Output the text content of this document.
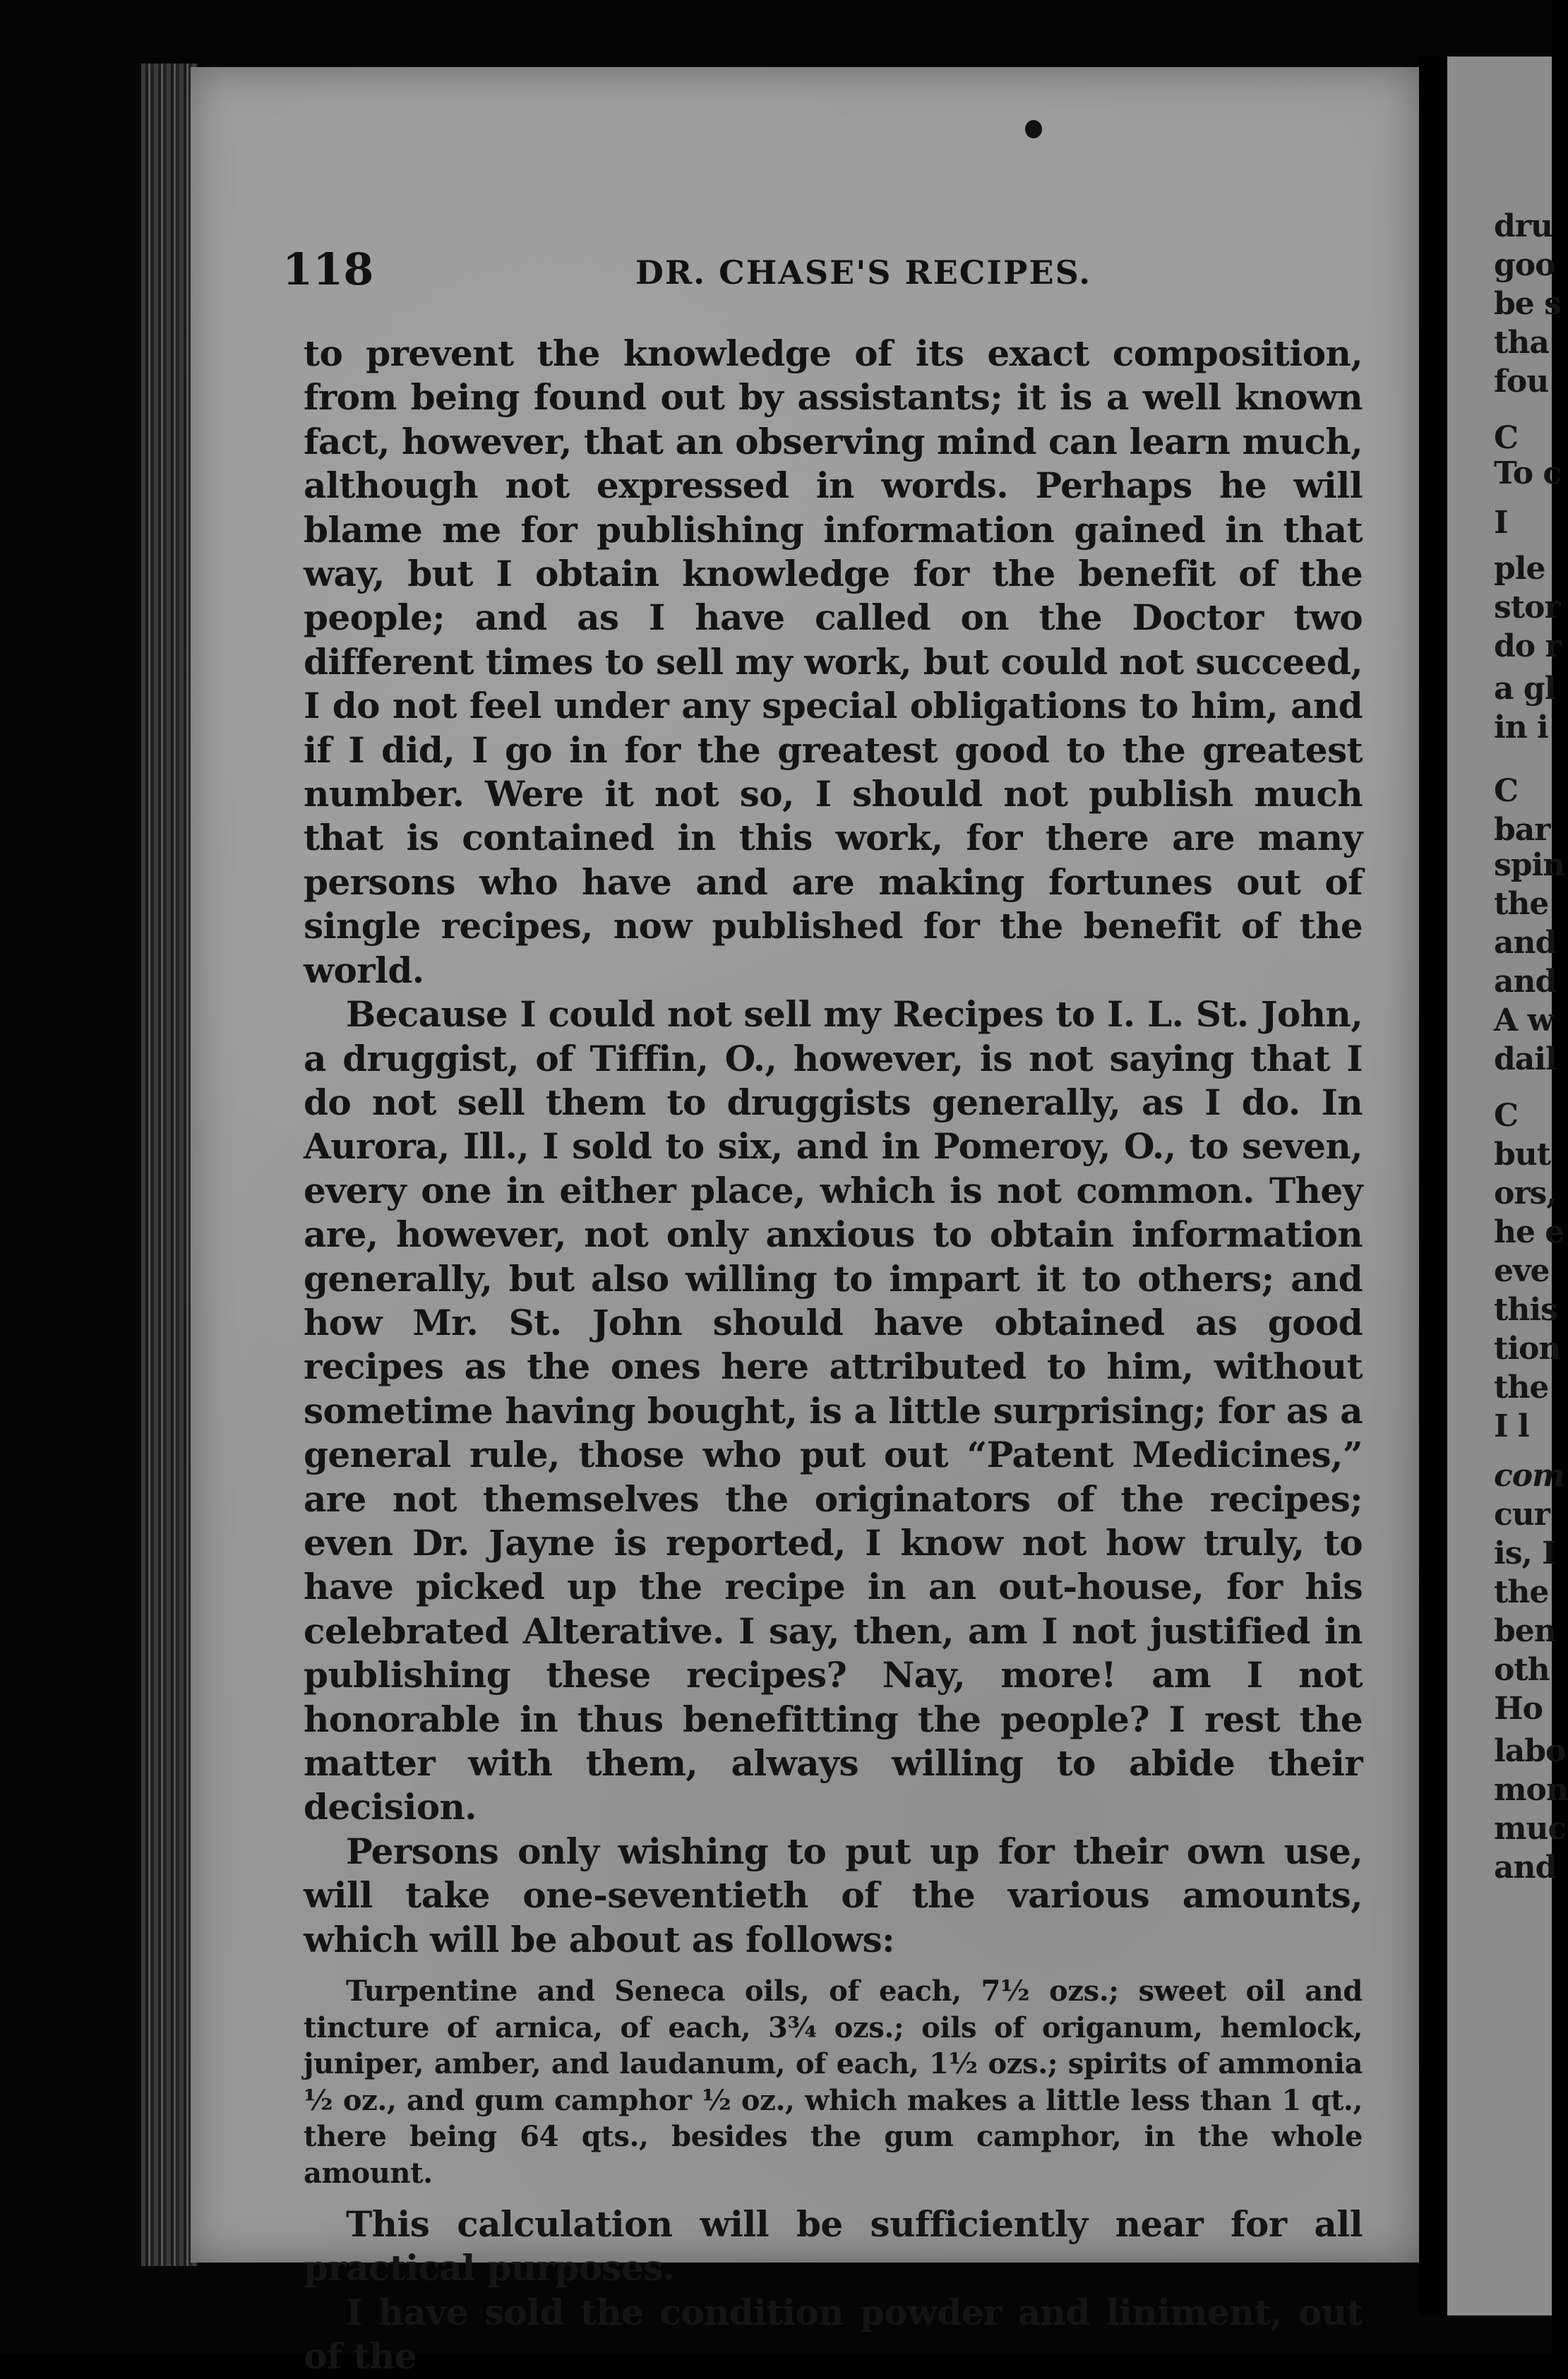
dru
goo
be s
tha
fou
C
To c
I
ple
stor
do r
a gl
in i
C
bar
spin
the
and
and
A w
dail
C
but
ors,
he e
eve
this
tion
the
I l
com
cur
is, I
the
ben
oth
Ho
labo
mon
muc
and
118	DR. CHASE'S RECIPES.

to prevent the knowledge of its exact composition, from being found out by assistants; it is a well known fact, however, that an observing mind can learn much, although not expressed in words. Perhaps he will blame me for publishing information gained in that way, but I obtain knowledge for the benefit of the people; and as I have called on the Doctor two different times to sell my work, but could not succeed, I do not feel under any special obligations to him, and if I did, I go in for the greatest good to the greatest number. Were it not so, I should not publish much that is contained in this work, for there are many persons who have and are making fortunes out of single recipes, now published for the benefit of the world.

Because I could not sell my Recipes to I. L. St. John, a druggist, of Tiffin, O., however, is not saying that I do not sell them to druggists generally, as I do. In Aurora, Ill., I sold to six, and in Pomeroy, O., to seven, every one in either place, which is not common. They are, however, not only anxious to obtain information generally, but also willing to impart it to others; and how Mr. St. John should have obtained as good recipes as the ones here attributed to him, without sometime having bought, is a little surprising; for as a general rule, those who put out “Patent Medicines,” are not themselves the originators of the recipes; even Dr. Jayne is reported, I know not how truly, to have picked up the recipe in an out-house, for his celebrated Alterative. I say, then, am I not justified in publishing these recipes? Nay, more! am I not honorable in thus benefitting the people? I rest the matter with them, always willing to abide their decision.

Persons only wishing to put up for their own use, will take one-seventieth of the various amounts, which will be about as follows:

Turpentine and Seneca oils, of each, 7½ ozs.; sweet oil and tincture of arnica, of each, 3¾ ozs.; oils of origanum, hemlock, juniper, amber, and laudanum, of each, 1½ ozs.; spirits of ammonia ½ oz., and gum camphor ½ oz., which makes a little less than 1 qt., there being 64 qts., besides the gum camphor, in the whole amount.

This calculation will be sufficiently near for all practical purposes.

I have sold the condition powder and liniment, out of the
